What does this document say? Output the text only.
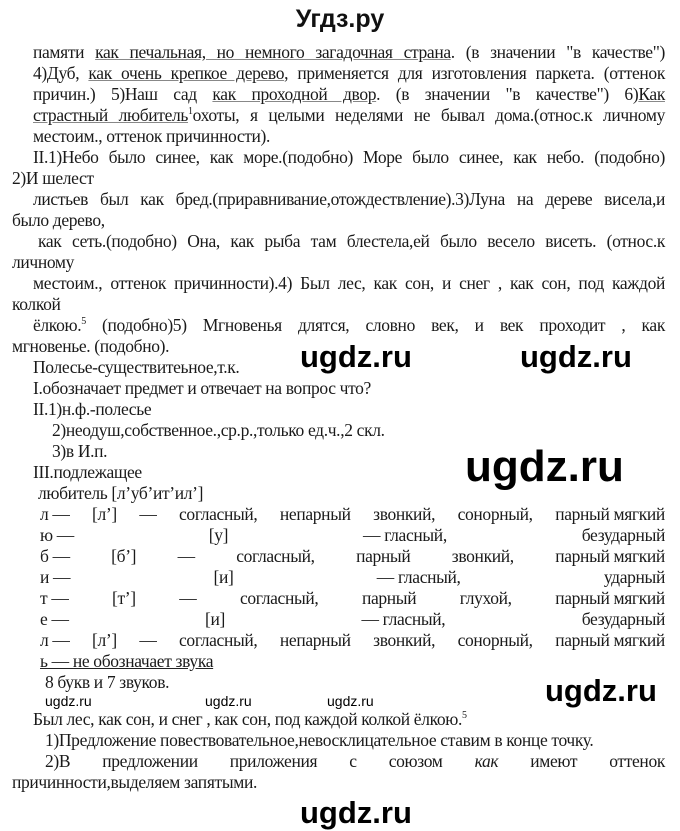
Угдз.ру
памяти как печальная, но немного загадочная страна. (в значении "в качестве")
4)Дуб, как очень крепкое дерево, применяется для изготовления паркета. (оттенок
причин.) 5)Наш сад как проходной двор. (в значении "в качестве") 6)Как
страстный любитель$^1$охоты, я целыми неделями не бывал дома.(относ.к личному
местоим., оттенок причинности).
II.1)Небо было синее, как море.(подобно) Море было синее, как небо. (подобно)
2)И шелест
листьев был как бред.(приравнивание,отождествление).3)Луна на дереве висела,и
было дерево,
как сеть.(подобно) Она, как рыба там блестела,ей было весело висеть. (относ.к
личному
местоим., оттенок причинности).4) Был лес, как сон, и снег , как сон, под каждой
колкой
ёлкою.$^5$ (подобно)5) Мгновенья длятся, словно век, и век проходит , как
мгновенье. (подобно).
Полесье-существитеьное,т.к.
I.обозначает предмет и отвечает на вопрос что?
II.1)н.ф.-полесье
2)неодуш,собственное.,ср.р.,только ед.ч.,2 скл.
3)в И.п.
III.подлежащее
любитель [л’уб’ит’ил’]
л — [л’] — согласный, непарный звонкий, сонорный, парный мягкий
ю —	[у]	— гласный,	безударный
б — [б’] — согласный, парный звонкий, парный мягкий
и —	[и]	— гласный,	ударный
т — [т’] — согласный, парный глухой, парный мягкий
е —	[и]	— гласный,	безударный
л — [л’] — согласный, непарный звонкий, сонорный, парный мягкий
ь — не обозначает звука
8 букв и 7 звуков.
Был лес, как сон, и снег , как сон, под каждой колкой ёлкою.$^5$
1)Предложение повествовательное,невосклицательное ставим в конце точку.
2)В предложении приложения с союзом как имеют оттенок
причинности,выделяем запятыми.
ugdz.ru	ugdz.ru
ugdz.ru
ugdz.ru	ugdz.ru	ugdz.ru	ugdz.ru
ugdz.ru
